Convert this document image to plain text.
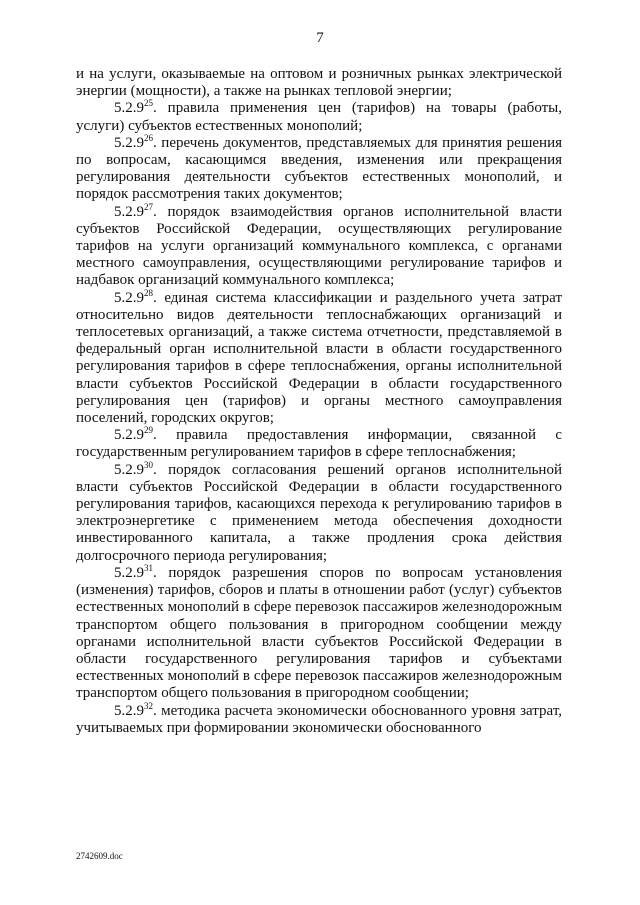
7

и на услуги, оказываемые на оптовом и розничных рынках электрической энергии (мощности), а также на рынках тепловой энергии;

5.2.9$^{25}$. правила применения цен (тарифов) на товары (работы, услуги) субъектов естественных монополий;

5.2.9$^{26}$. перечень документов, представляемых для принятия решения по вопросам, касающимся введения, изменения или прекращения регулирования деятельности субъектов естественных монополий, и порядок рассмотрения таких документов;

5.2.9$^{27}$. порядок взаимодействия органов исполнительной власти субъектов Российской Федерации, осуществляющих регулирование тарифов на услуги организаций коммунального комплекса, с органами местного самоуправления, осуществляющими регулирование тарифов и надбавок организаций коммунального комплекса;

5.2.9$^{28}$. единая система классификации и раздельного учета затрат относительно видов деятельности теплоснабжающих организаций и теплосетевых организаций, а также система отчетности, представляемой в федеральный орган исполнительной власти в области государственного регулирования тарифов в сфере теплоснабжения, органы исполнительной власти субъектов Российской Федерации в области государственного регулирования цен (тарифов) и органы местного самоуправления поселений, городских округов;

5.2.9$^{29}$. правила предоставления информации, связанной с государственным регулированием тарифов в сфере теплоснабжения;

5.2.9$^{30}$. порядок согласования решений органов исполнительной власти субъектов Российской Федерации в области государственного регулирования тарифов, касающихся перехода к регулированию тарифов в электроэнергетике с применением метода обеспечения доходности инвестированного капитала, а также продления срока действия долгосрочного периода регулирования;

5.2.9$^{31}$. порядок разрешения споров по вопросам установления (изменения) тарифов, сборов и платы в отношении работ (услуг) субъектов естественных монополий в сфере перевозок пассажиров железнодорожным транспортом общего пользования в пригородном сообщении между органами исполнительной власти субъектов Российской Федерации в области государственного регулирования тарифов и субъектами естественных монополий в сфере перевозок пассажиров железнодорожным транспортом общего пользования в пригородном сообщении;

5.2.9$^{32}$. методика расчета экономически обоснованного уровня затрат, учитываемых при формировании экономически обоснованного

2742609.doc
